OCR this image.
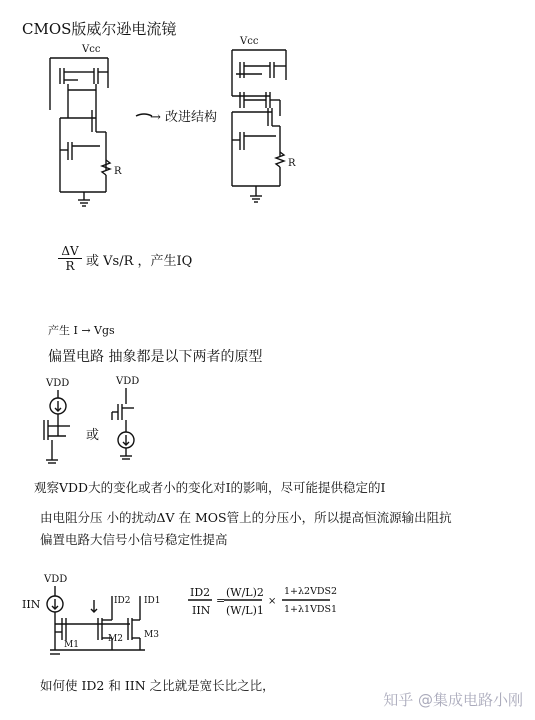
CMOS版威尔逊电流镜
Vcc
R
→ 改进结构
Vcc
R
$\frac{\Delta V}{R}$ 或 Vs/R ，产生IQ
产生 I → Vgs
偏置电路 抽象都是以下两者的原型
VDD	VDD
或
观察VDD大的变化或者小的变化对I的影响，尽可能提供稳定的I
由电阻分压 小的扰动ΔV 在 MOS管上的分压小，所以提高恒流源输出阻抗
偏置电路大信号小信号稳定性提高
VDD
IIN	ID2 ID1
M1
M2 M3
ID2
IIN
=
(W/L)2
(W/L)1
×
1+λ2VDS2
1+λ1VDS1
如何使 ID2 和 IIN 之比就是宽长比之比，
知乎 @集成电路小刚
